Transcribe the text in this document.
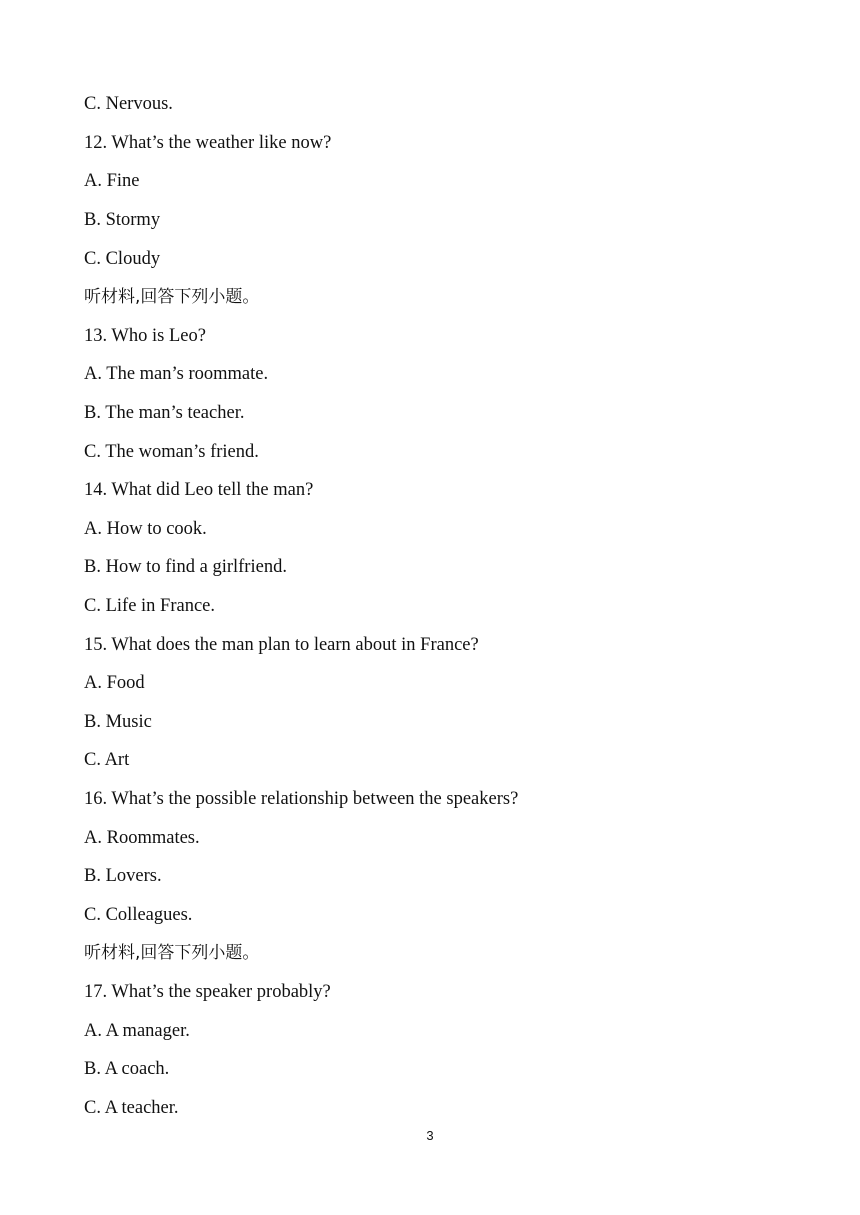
C. Nervous.
12. What’s the weather like now?
A. Fine
B. Stormy
C. Cloudy
听材料,回答下列小题。
13. Who is Leo?
A. The man’s roommate.
B. The man’s teacher.
C. The woman’s friend.
14. What did Leo tell the man?
A. How to cook.
B. How to find a girlfriend.
C. Life in France.
15. What does the man plan to learn about in France?
A. Food
B. Music
C. Art
16. What’s the possible relationship between the speakers?
A. Roommates.
B. Lovers.
C. Colleagues.
听材料,回答下列小题。
17. What’s the speaker probably?
A. A manager.
B. A coach.
C. A teacher.
3
